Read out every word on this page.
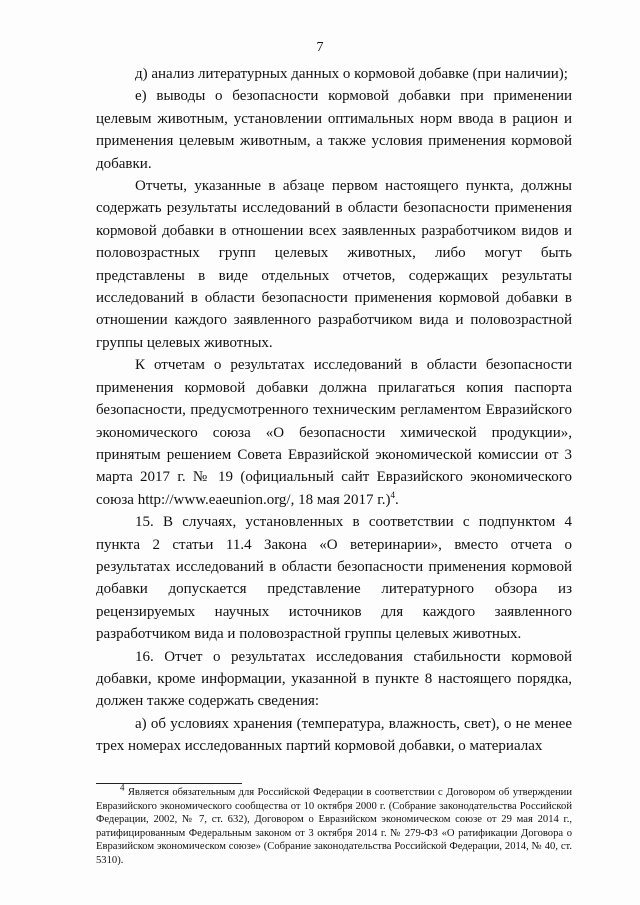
7

д) анализ литературных данных о кормовой добавке (при наличии);

е) выводы о безопасности кормовой добавки при применении целевым животным, установлении оптимальных норм ввода в рацион и применения целевым животным, а также условия применения кормовой добавки.

Отчеты, указанные в абзаце первом настоящего пункта, должны содержать результаты исследований в области безопасности применения кормовой добавки в отношении всех заявленных разработчиком видов и половозрастных групп целевых животных, либо могут быть представлены в виде отдельных отчетов, содержащих результаты исследований в области безопасности применения кормовой добавки в отношении каждого заявленного разработчиком вида и половозрастной группы целевых животных.

К отчетам о результатах исследований в области безопасности применения кормовой добавки должна прилагаться копия паспорта безопасности, предусмотренного техническим регламентом Евразийского экономического союза «О безопасности химической продукции», принятым решением Совета Евразийской экономической комиссии от 3 марта 2017 г. № 19 (официальный сайт Евразийского экономического союза http://www.eaeunion.org/, 18 мая 2017 г.)$^4$.

15. В случаях, установленных в соответствии с подпунктом 4 пункта 2 статьи 11.4 Закона «О ветеринарии», вместо отчета о результатах исследований в области безопасности применения кормовой добавки допускается представление литературного обзора из рецензируемых научных источников для каждого заявленного разработчиком вида и половозрастной группы целевых животных.

16. Отчет о результатах исследования стабильности кормовой добавки, кроме информации, указанной в пункте 8 настоящего порядка, должен также содержать сведения:

а) об условиях хранения (температура, влажность, свет), о не менее трех номерах исследованных партий кормовой добавки, о материалах

$^4$ Является обязательным для Российской Федерации в соответствии с Договором об утверждении Евразийского экономического сообщества от 10 октября 2000 г. (Собрание законодательства Российской Федерации, 2002, № 7, ст. 632), Договором о Евразийском экономическом союзе от 29 мая 2014 г., ратифицированным Федеральным законом от 3 октября 2014 г. № 279-ФЗ «О ратификации Договора о Евразийском экономическом союзе» (Собрание законодательства Российской Федерации, 2014, № 40, ст. 5310).
